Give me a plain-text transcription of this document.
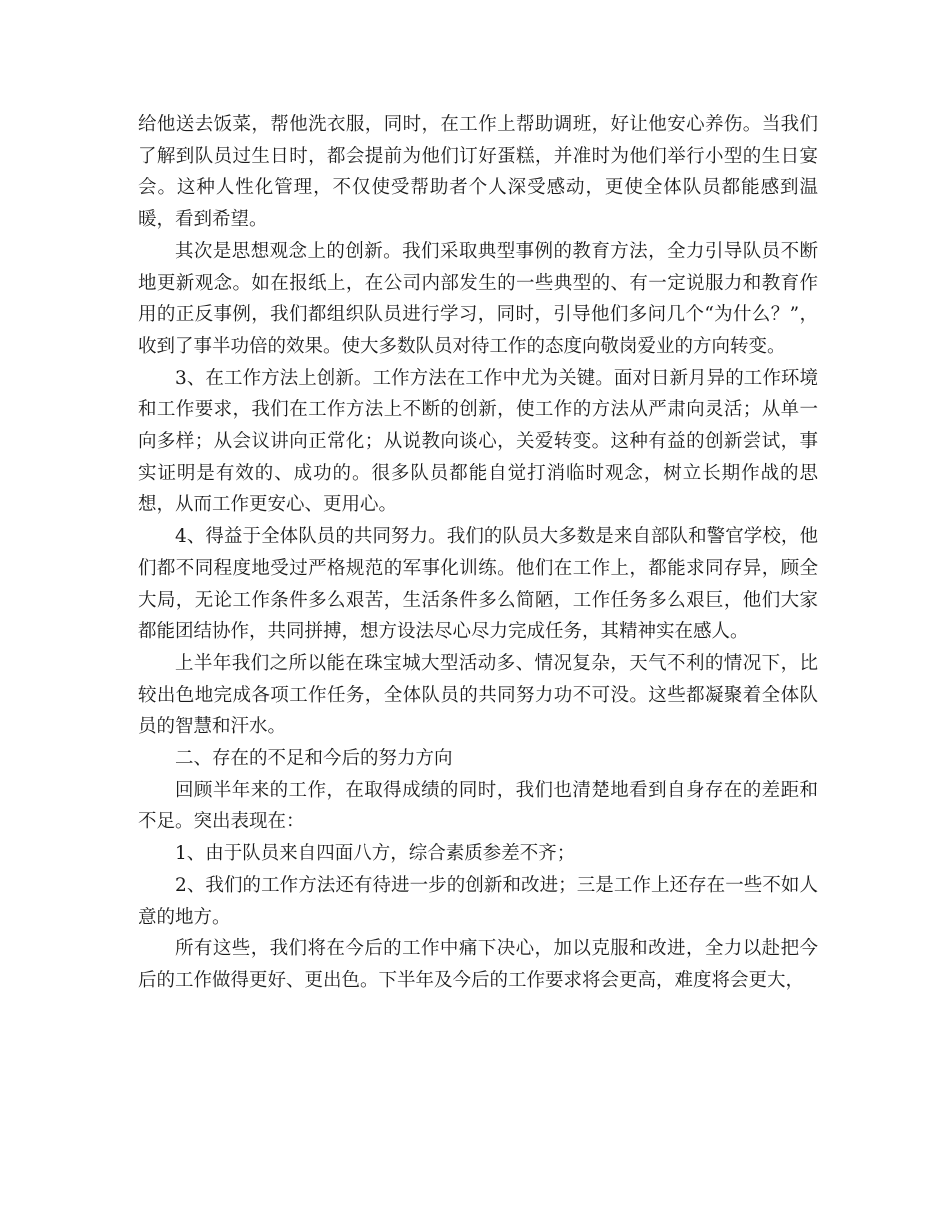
给他送去饭菜，帮他洗衣服，同时，在工作上帮助调班，好让他安心养伤。当我们了解到队员过生日时，都会提前为他们订好蛋糕，并准时为他们举行小型的生日宴会。这种人性化管理，不仅使受帮助者个人深受感动，更使全体队员都能感到温暖，看到希望。

其次是思想观念上的创新。我们采取典型事例的教育方法，全力引导队员不断地更新观念。如在报纸上，在公司内部发生的一些典型的、有一定说服力和教育作用的正反事例，我们都组织队员进行学习，同时，引导他们多问几个“为什么？”，收到了事半功倍的效果。使大多数队员对待工作的态度向敬岗爱业的方向转变。

3、在工作方法上创新。工作方法在工作中尤为关键。面对日新月异的工作环境和工作要求，我们在工作方法上不断的创新，使工作的方法从严肃向灵活；从单一向多样；从会议讲向正常化；从说教向谈心，关爱转变。这种有益的创新尝试，事实证明是有效的、成功的。很多队员都能自觉打消临时观念，树立长期作战的思想，从而工作更安心、更用心。

4、得益于全体队员的共同努力。我们的队员大多数是来自部队和警官学校，他们都不同程度地受过严格规范的军事化训练。他们在工作上，都能求同存异，顾全大局，无论工作条件多么艰苦，生活条件多么简陋，工作任务多么艰巨，他们大家都能团结协作，共同拼搏，想方设法尽心尽力完成任务，其精神实在感人。

上半年我们之所以能在珠宝城大型活动多、情况复杂，天气不利的情况下，比较出色地完成各项工作任务，全体队员的共同努力功不可没。这些都凝聚着全体队员的智慧和汗水。

二、存在的不足和今后的努力方向

回顾半年来的工作，在取得成绩的同时，我们也清楚地看到自身存在的差距和不足。突出表现在：

1、由于队员来自四面八方，综合素质参差不齐；

2、我们的工作方法还有待进一步的创新和改进；三是工作上还存在一些不如人意的地方。

所有这些，我们将在今后的工作中痛下决心，加以克服和改进，全力以赴把今后的工作做得更好、更出色。下半年及今后的工作要求将会更高，难度将会更大，
